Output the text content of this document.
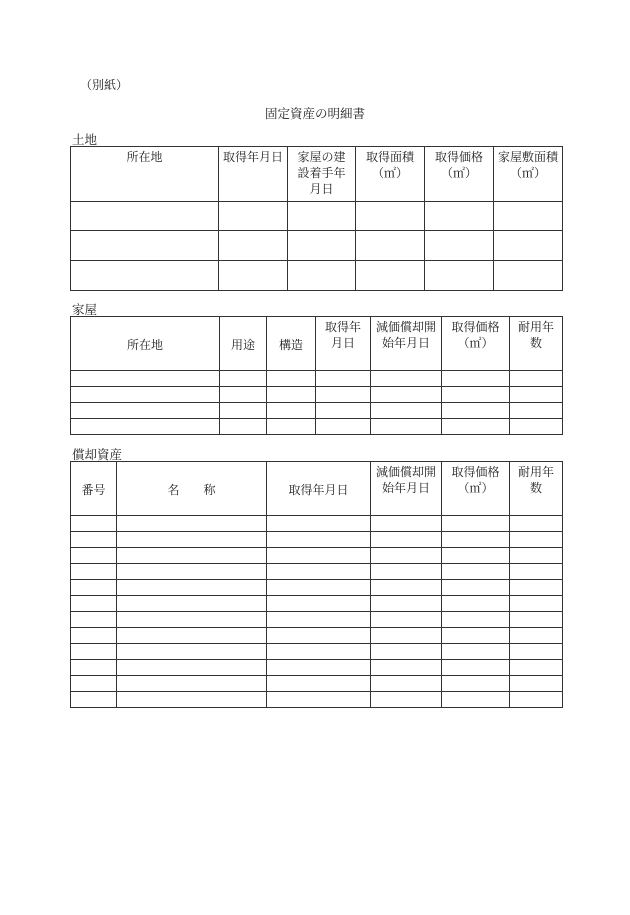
（別紙）
固定資産の明細書
土地
所在地	取得年月日	家屋の建設着手年月日	取得面積（㎡）	取得価格（㎡）	家屋敷面積（㎡）

家屋
所在地	用途	構造	取得年月日	減価償却開始年月日	取得価格（㎡）	耐用年数

償却資産
番号	名　　称	取得年月日	減価償却開始年月日	取得価格（㎡）	耐用年数
